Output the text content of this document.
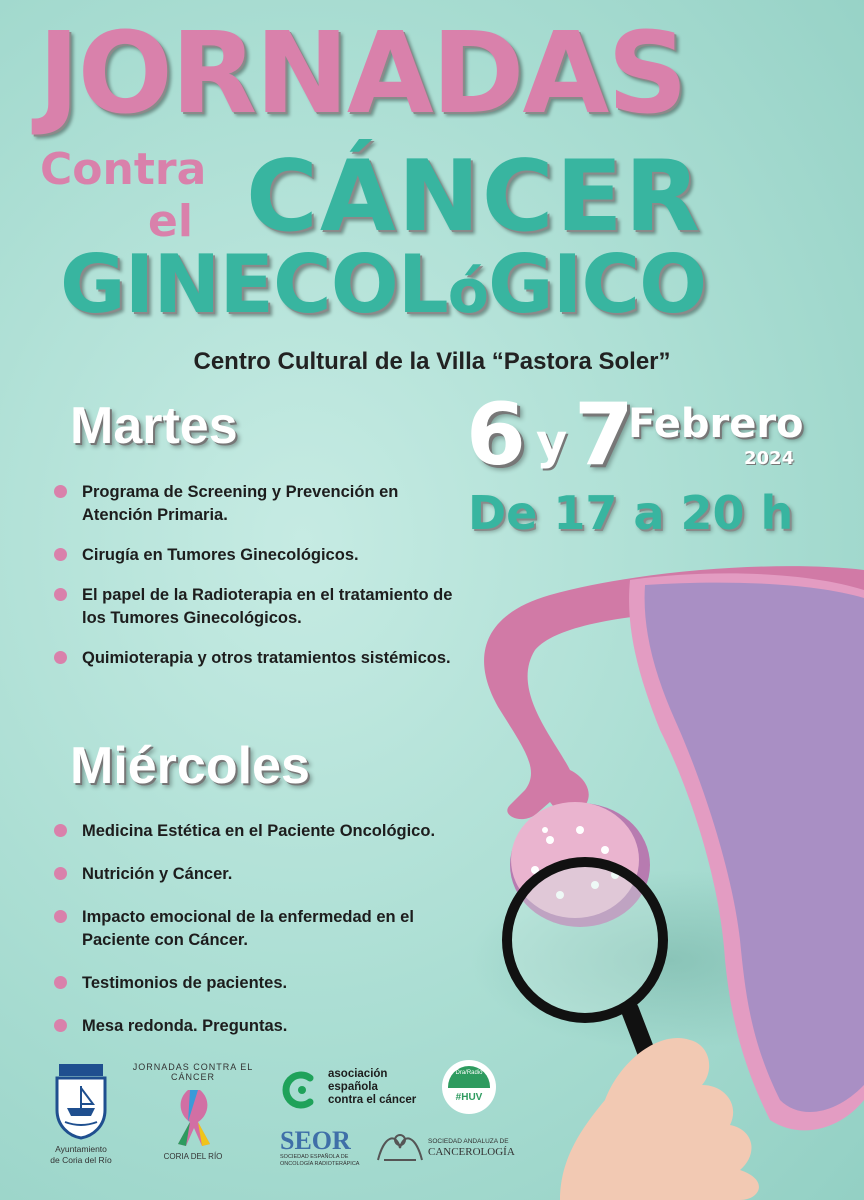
JORNADAS
Contra
el CÁNCER
GINECOLóGICO
Centro Cultural de la Villa “Pastora Soler”
6 y 7
Febrero
2024
De 17 a 20 h
Martes
Programa de Screening y Prevención en Atención Primaria.
Cirugía en Tumores Ginecológicos.
El papel de la Radioterapia en el tratamiento de los Tumores Ginecológicos.
Quimioterapia y otros tratamientos sistémicos.
Miércoles
Medicina Estética en el Paciente Oncológico.
Nutrición y Cáncer.
Impacto emocional de la enfermedad en el Paciente con Cáncer.
Testimonios de pacientes.
Mesa redonda. Preguntas.
Ayuntamiento
de Coria del Río
JORNADAS CONTRA EL CÁNCER
CORIA DEL RÍO
asociación
española
contra el cáncer
Dra/Radio
#HUV
SEOR
SOCIEDAD ESPAÑOLA DE
ONCOLOGÍA RADIOTERÁPICA
SOCIEDAD ANDALUZA DE
CANCEROLOGÍA
